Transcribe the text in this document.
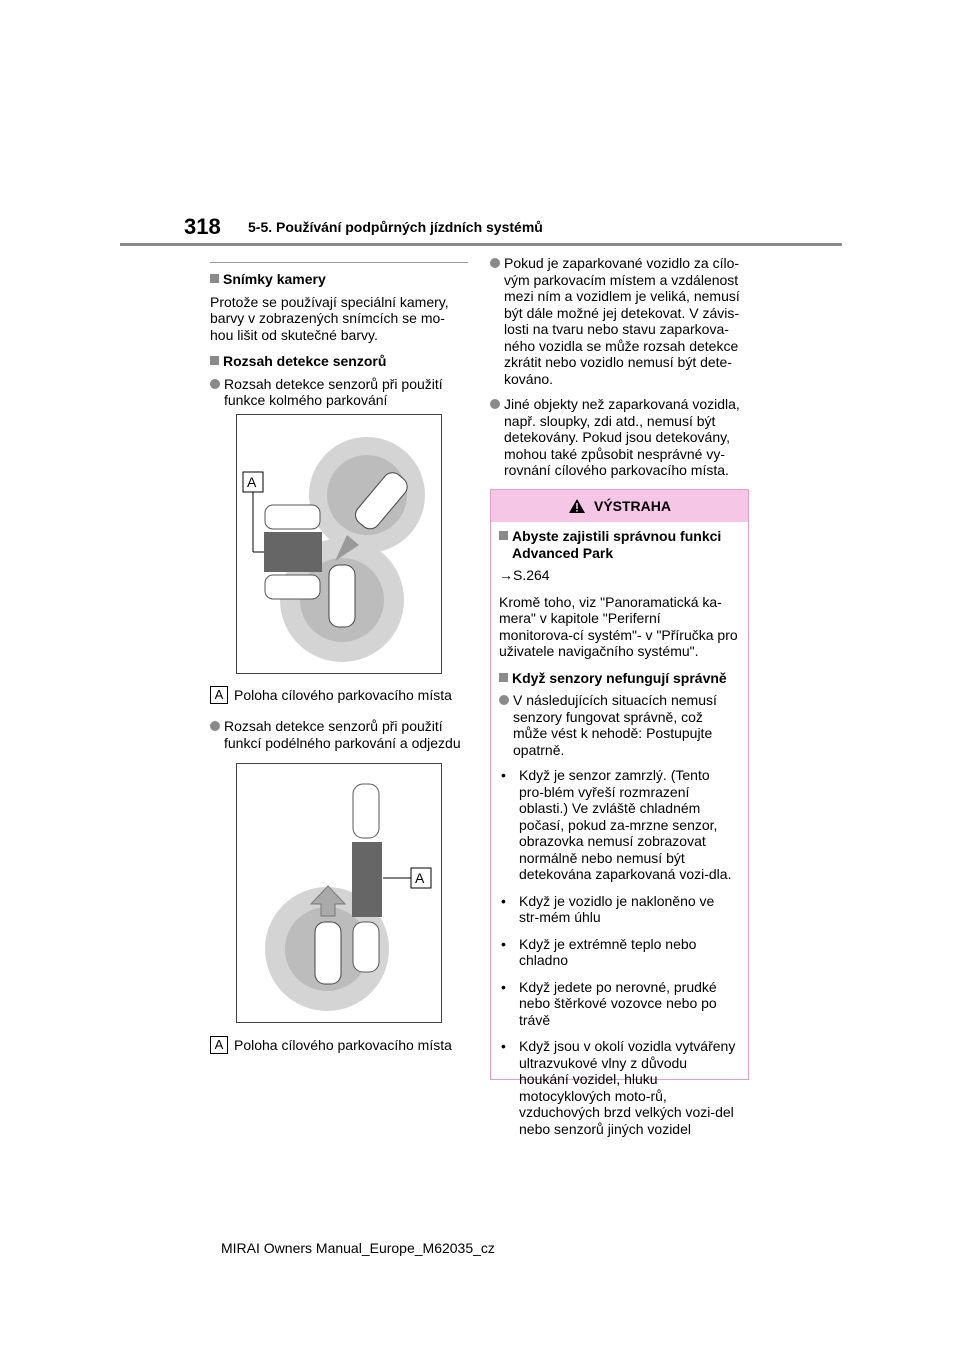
318 5-5. Používání podpůrných jízdních systémů
Snímky kamery
Protože se používají speciální kamery, barvy v zobrazených snímcích se mo-hou lišit od skutečné barvy.
Rozsah detekce senzorů
Rozsah detekce senzorů při použití funkce kolmého parkování
A
A Poloha cílového parkovacího místa
Rozsah detekce senzorů při použití funkcí podélného parkování a odjezdu
A
A Poloha cílového parkovacího místa
Pokud je zaparkované vozidlo za cílo-vým parkovacím místem a vzdálenost mezi ním a vozidlem je veliká, nemusí být dále možné jej detekovat. V závis-losti na tvaru nebo stavu zaparkova-ného vozidla se může rozsah detekce zkrátit nebo vozidlo nemusí být dete-kováno.
Jiné objekty než zaparkovaná vozidla, např. sloupky, zdi atd., nemusí být detekovány. Pokud jsou detekovány, mohou také způsobit nesprávné vy-rovnání cílového parkovacího místa.
VÝSTRAHA
Abyste zajistili správnou funkci Advanced Park
→S.264
Kromě toho, viz "Panoramatická ka-mera" v kapitole "Periferní monitorova-cí systém"- v "Příručka pro uživatele navigačního systému".
Když senzory nefungují správně
V následujících situacích nemusí senzory fungovat správně, což může vést k nehodě: Postupujte opatrně.
• Když je senzor zamrzlý. (Tento pro-blém vyřeší rozmrazení oblasti.) Ve zvláště chladném počasí, pokud za-mrzne senzor, obrazovka nemusí zobrazovat normálně nebo nemusí být detekována zaparkovaná vozi-dla.
• Když je vozidlo je nakloněno ve str-mém úhlu
• Když je extrémně teplo nebo chladno
• Když jedete po nerovné, prudké nebo štěrkové vozovce nebo po trávě
• Když jsou v okolí vozidla vytvářeny ultrazvukové vlny z důvodu houkání vozidel, hluku motocyklových moto-rů, vzduchových brzd velkých vozi-del nebo senzorů jiných vozidel
MIRAI Owners Manual_Europe_M62035_cz
